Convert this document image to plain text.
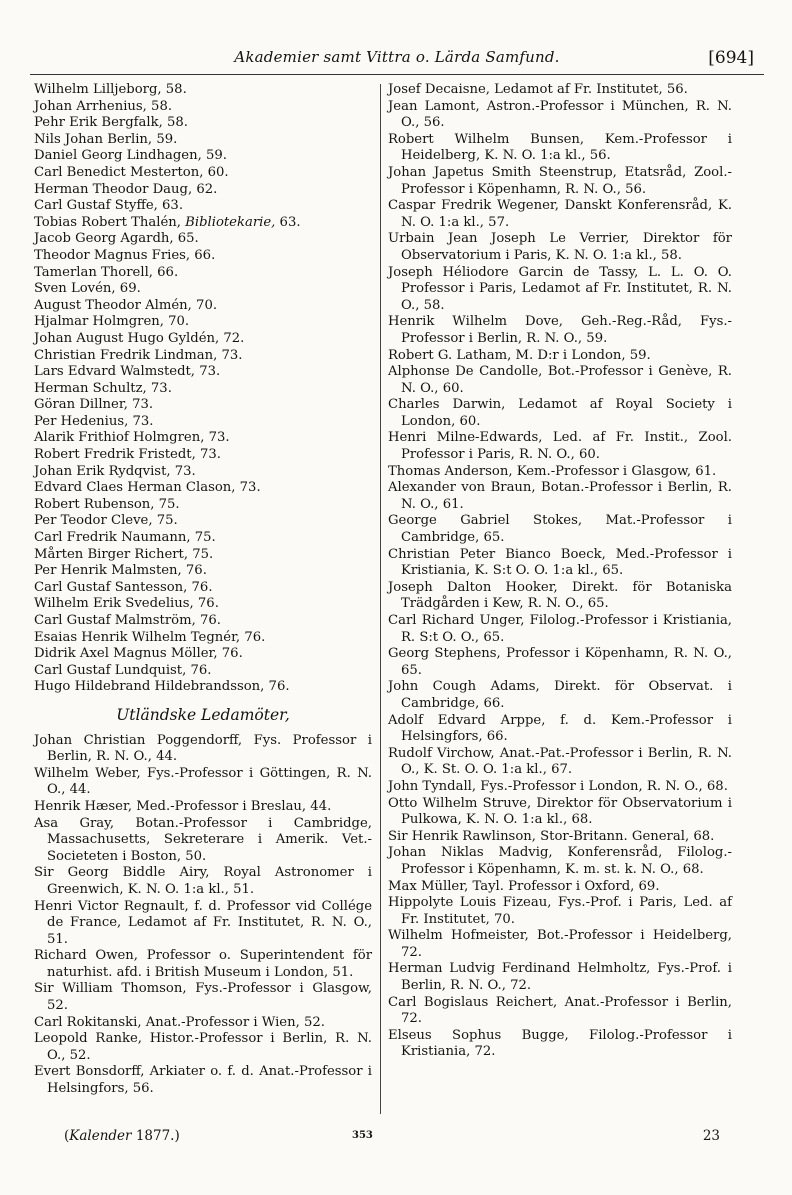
Akademier samt Vittra o. Lärda Samfund.	[694]

Wilhelm Lilljeborg, 58.

Johan Arrhenius, 58.

Pehr Erik Bergfalk, 58.

Nils Johan Berlin, 59.

Daniel Georg Lindhagen, 59.

Carl Benedict Mesterton, 60.

Herman Theodor Daug, 62.

Carl Gustaf Styffe, 63.

Tobias Robert Thalén, Bibliotekarie, 63.

Jacob Georg Agardh, 65.

Theodor Magnus Fries, 66.

Tamerlan Thorell, 66.

Sven Lovén, 69.

August Theodor Almén, 70.

Hjalmar Holmgren, 70.

Johan August Hugo Gyldén, 72.

Christian Fredrik Lindman, 73.

Lars Edvard Walmstedt, 73.

Herman Schultz, 73.

Göran Dillner, 73.

Per Hedenius, 73.

Alarik Frithiof Holmgren, 73.

Robert Fredrik Fristedt, 73.

Johan Erik Rydqvist, 73.

Edvard Claes Herman Clason, 73.

Robert Rubenson, 75.

Per Teodor Cleve, 75.

Carl Fredrik Naumann, 75.

Mårten Birger Richert, 75.

Per Henrik Malmsten, 76.

Carl Gustaf Santesson, 76.

Wilhelm Erik Svedelius, 76.

Carl Gustaf Malmström, 76.

Esaias Henrik Wilhelm Tegnér, 76.

Didrik Axel Magnus Möller, 76.

Carl Gustaf Lundquist, 76.

Hugo Hildebrand Hildebrandsson, 76.

Utländske Ledamöter,

Johan Christian Poggendorff, Fys. Professor i Berlin, R. N. O., 44.

Wilhelm Weber, Fys.-Professor i Göttingen, R. N. O., 44.

Henrik Hæser, Med.-Professor i Breslau, 44.

Asa Gray, Botan.-Professor i Cambridge, Massachusetts, Sekreterare i Amerik. Vet.-Societeten i Boston, 50.

Sir Georg Biddle Airy, Royal Astronomer i Greenwich, K. N. O. 1:a kl., 51.

Henri Victor Regnault, f. d. Professor vid Collége de France, Ledamot af Fr. Institutet, R. N. O., 51.

Richard Owen, Professor o. Superintendent för naturhist. afd. i British Museum i London, 51.

Sir William Thomson, Fys.-Professor i Glasgow, 52.

Carl Rokitanski, Anat.-Professor i Wien, 52.

Leopold Ranke, Histor.-Professor i Berlin, R. N. O., 52.

Evert Bonsdorff, Arkiater o. f. d. Anat.-Professor i Helsingfors, 56.

Josef Decaisne, Ledamot af Fr. Institutet, 56.

Jean Lamont, Astron.-Professor i München, R. N. O., 56.

Robert Wilhelm Bunsen, Kem.-Professor i Heidelberg, K. N. O. 1:a kl., 56.

Johan Japetus Smith Steenstrup, Etatsråd, Zool.-Professor i Köpenhamn, R. N. O., 56.

Caspar Fredrik Wegener, Danskt Konferensråd, K. N. O. 1:a kl., 57.

Urbain Jean Joseph Le Verrier, Direktor för Observatorium i Paris, K. N. O. 1:a kl., 58.

Joseph Héliodore Garcin de Tassy, L. L. O. O. Professor i Paris, Ledamot af Fr. Institutet, R. N. O., 58.

Henrik Wilhelm Dove, Geh.-Reg.-Råd, Fys.-Professor i Berlin, R. N. O., 59.

Robert G. Latham, M. D:r i London, 59.

Alphonse De Candolle, Bot.-Professor i Genève, R. N. O., 60.

Charles Darwin, Ledamot af Royal Society i London, 60.

Henri Milne-Edwards, Led. af Fr. Instit., Zool. Professor i Paris, R. N. O., 60.

Thomas Anderson, Kem.-Professor i Glasgow, 61.

Alexander von Braun, Botan.-Professor i Berlin, R. N. O., 61.

George Gabriel Stokes, Mat.-Professor i Cambridge, 65.

Christian Peter Bianco Boeck, Med.-Professor i Kristiania, K. S:t O. O. 1:a kl., 65.

Joseph Dalton Hooker, Direkt. för Botaniska Trädgården i Kew, R. N. O., 65.

Carl Richard Unger, Filolog.-Professor i Kristiania, R. S:t O. O., 65.

Georg Stephens, Professor i Köpenhamn, R. N. O., 65.

John Cough Adams, Direkt. för Observat. i Cambridge, 66.

Adolf Edvard Arppe, f. d. Kem.-Professor i Helsingfors, 66.

Rudolf Virchow, Anat.-Pat.-Professor i Berlin, R. N. O., K. St. O. O. 1:a kl., 67.

John Tyndall, Fys.-Professor i London, R. N. O., 68.

Otto Wilhelm Struve, Direktor för Observatorium i Pulkowa, K. N. O. 1:a kl., 68.

Sir Henrik Rawlinson, Stor-Britann. General, 68.

Johan Niklas Madvig, Konferensråd, Filolog.-Professor i Köpenhamn, K. m. st. k. N. O., 68.

Max Müller, Tayl. Professor i Oxford, 69.

Hippolyte Louis Fizeau, Fys.-Prof. i Paris, Led. af Fr. Institutet, 70.

Wilhelm Hofmeister, Bot.-Professor i Heidelberg, 72.

Herman Ludvig Ferdinand Helmholtz, Fys.-Prof. i Berlin, R. N. O., 72.

Carl Bogislaus Reichert, Anat.-Professor i Berlin, 72.

Elseus Sophus Bugge, Filolog.-Professor i Kristiania, 72.

(Kalender 1877.)	353	23
